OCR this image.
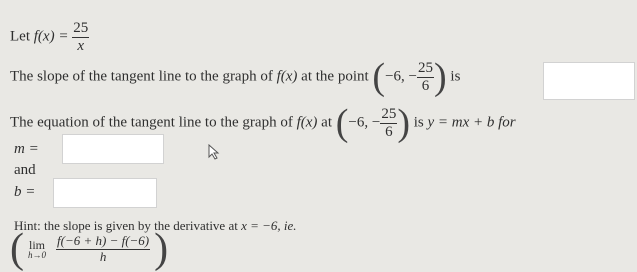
Let $f(x) = \frac{25}{x}$
The slope of the tangent line to the graph of f(x) at the point (−6, − $\frac{25}{6}$ ) is
The equation of the tangent line to the graph of f(x) at (−6, − $\frac{25}{6}$ ) is y = mx + b for
m =
and
b =
Hint: the slope is given by the derivative at x = −6, ie.
( lim
h→0
$\frac{f(-6 + h) - f(-6)}{h}$ )
